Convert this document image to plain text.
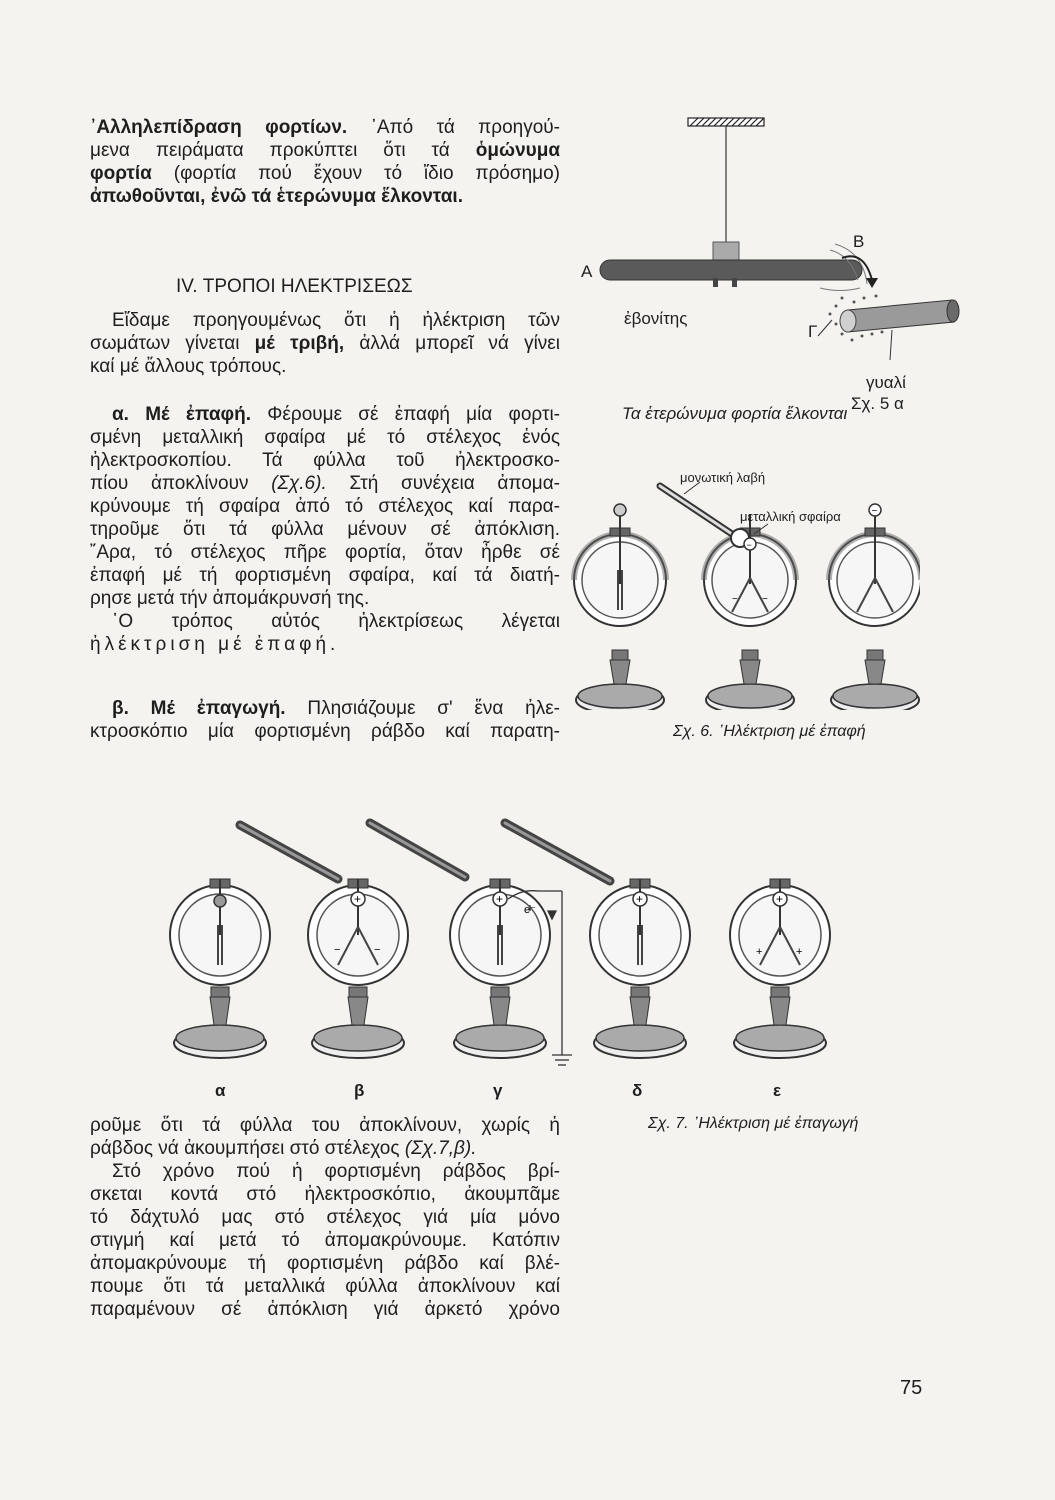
᾿Αλληλεπίδραση φορτίων. ᾿Από τά προηγού-
μενα πειράματα προκύπτει ὅτι τά ὁμώνυμα
φορτία (φορτία πού ἔχουν τό ἴδιο πρόσημο)
ἀπωθοῦνται, ἐνῶ τά ἑτερώνυμα ἕλκονται.
IV. ΤΡΟΠΟΙ ΗΛΕΚΤΡΙΣΕΩΣ
Εἴδαμε προηγουμένως ὅτι ἡ ἠλέκτριση τῶν
σωμάτων γίνεται μέ τριβή, ἀλλά μπορεῖ νά γίνει
καί μέ ἄλλους τρόπους.
α. Μέ ἐπαφή. Φέρουμε σέ ἐπαφή μία φορτι-
σμένη μεταλλική σφαίρα μέ τό στέλεχος ἑνός
ἠλεκτροσκοπίου. Τά φύλλα τοῦ ἠλεκτροσκο-
πίου ἀποκλίνουν (Σχ.6). Στή συνέχεια ἀπομα-
κρύνουμε τή σφαίρα ἀπό τό στέλεχος καί παρα-
τηροῦμε ὅτι τά φύλλα μένουν σέ ἀπόκλιση.
῎Αρα, τό στέλεχος πῆρε φορτία, ὅταν ἦρθε σέ
ἐπαφή μέ τή φορτισμένη σφαίρα, καί τά διατή-
ρησε μετά τήν ἀπομάκρυνσή της.
῾Ο τρόπος αὐτός ἠλεκτρίσεως λέγεται
ἠλέκτριση μέ ἐπαφή.
β. Μέ ἐπαγωγή. Πλησιάζουμε σ' ἕνα ἠλε-
κτροσκόπιο μία φορτισμένη ράβδο καί παρατη-
Α
Β
Γ
ἐβονίτης
γυαλί
Σχ. 5 α
Τα ἑτερώνυμα φορτία ἕλκονται
− −
−
−
μονωτική λαβή
μεταλλική σφαίρα
Σχ. 6. ᾿Ηλέκτριση μέ ἐπαφή
+
−	−
+
e⁻
+	+
+	+
α	β	γ	δ	ε
Σχ. 7. ᾿Ηλέκτριση μέ ἐπαγωγή
ροῦμε ὅτι τά φύλλα του ἀποκλίνουν, χωρίς ἡ
ράβδος νά ἀκουμπήσει στό στέλεχος (Σχ.7,β).
Στό χρόνο πού ἡ φορτισμένη ράβδος βρί-
σκεται κοντά στό ἠλεκτροσκόπιο, ἀκουμπᾶμε
τό δάχτυλό μας στό στέλεχος γιά μία μόνο
στιγμή καί μετά τό ἀπομακρύνουμε. Κατόπιν
ἀπομακρύνουμε τή φορτισμένη ράβδο καί βλέ-
πουμε ὅτι τά μεταλλικά φύλλα ἀποκλίνουν καί
παραμένουν σέ ἀπόκλιση γιά ἀρκετό χρόνο
75
